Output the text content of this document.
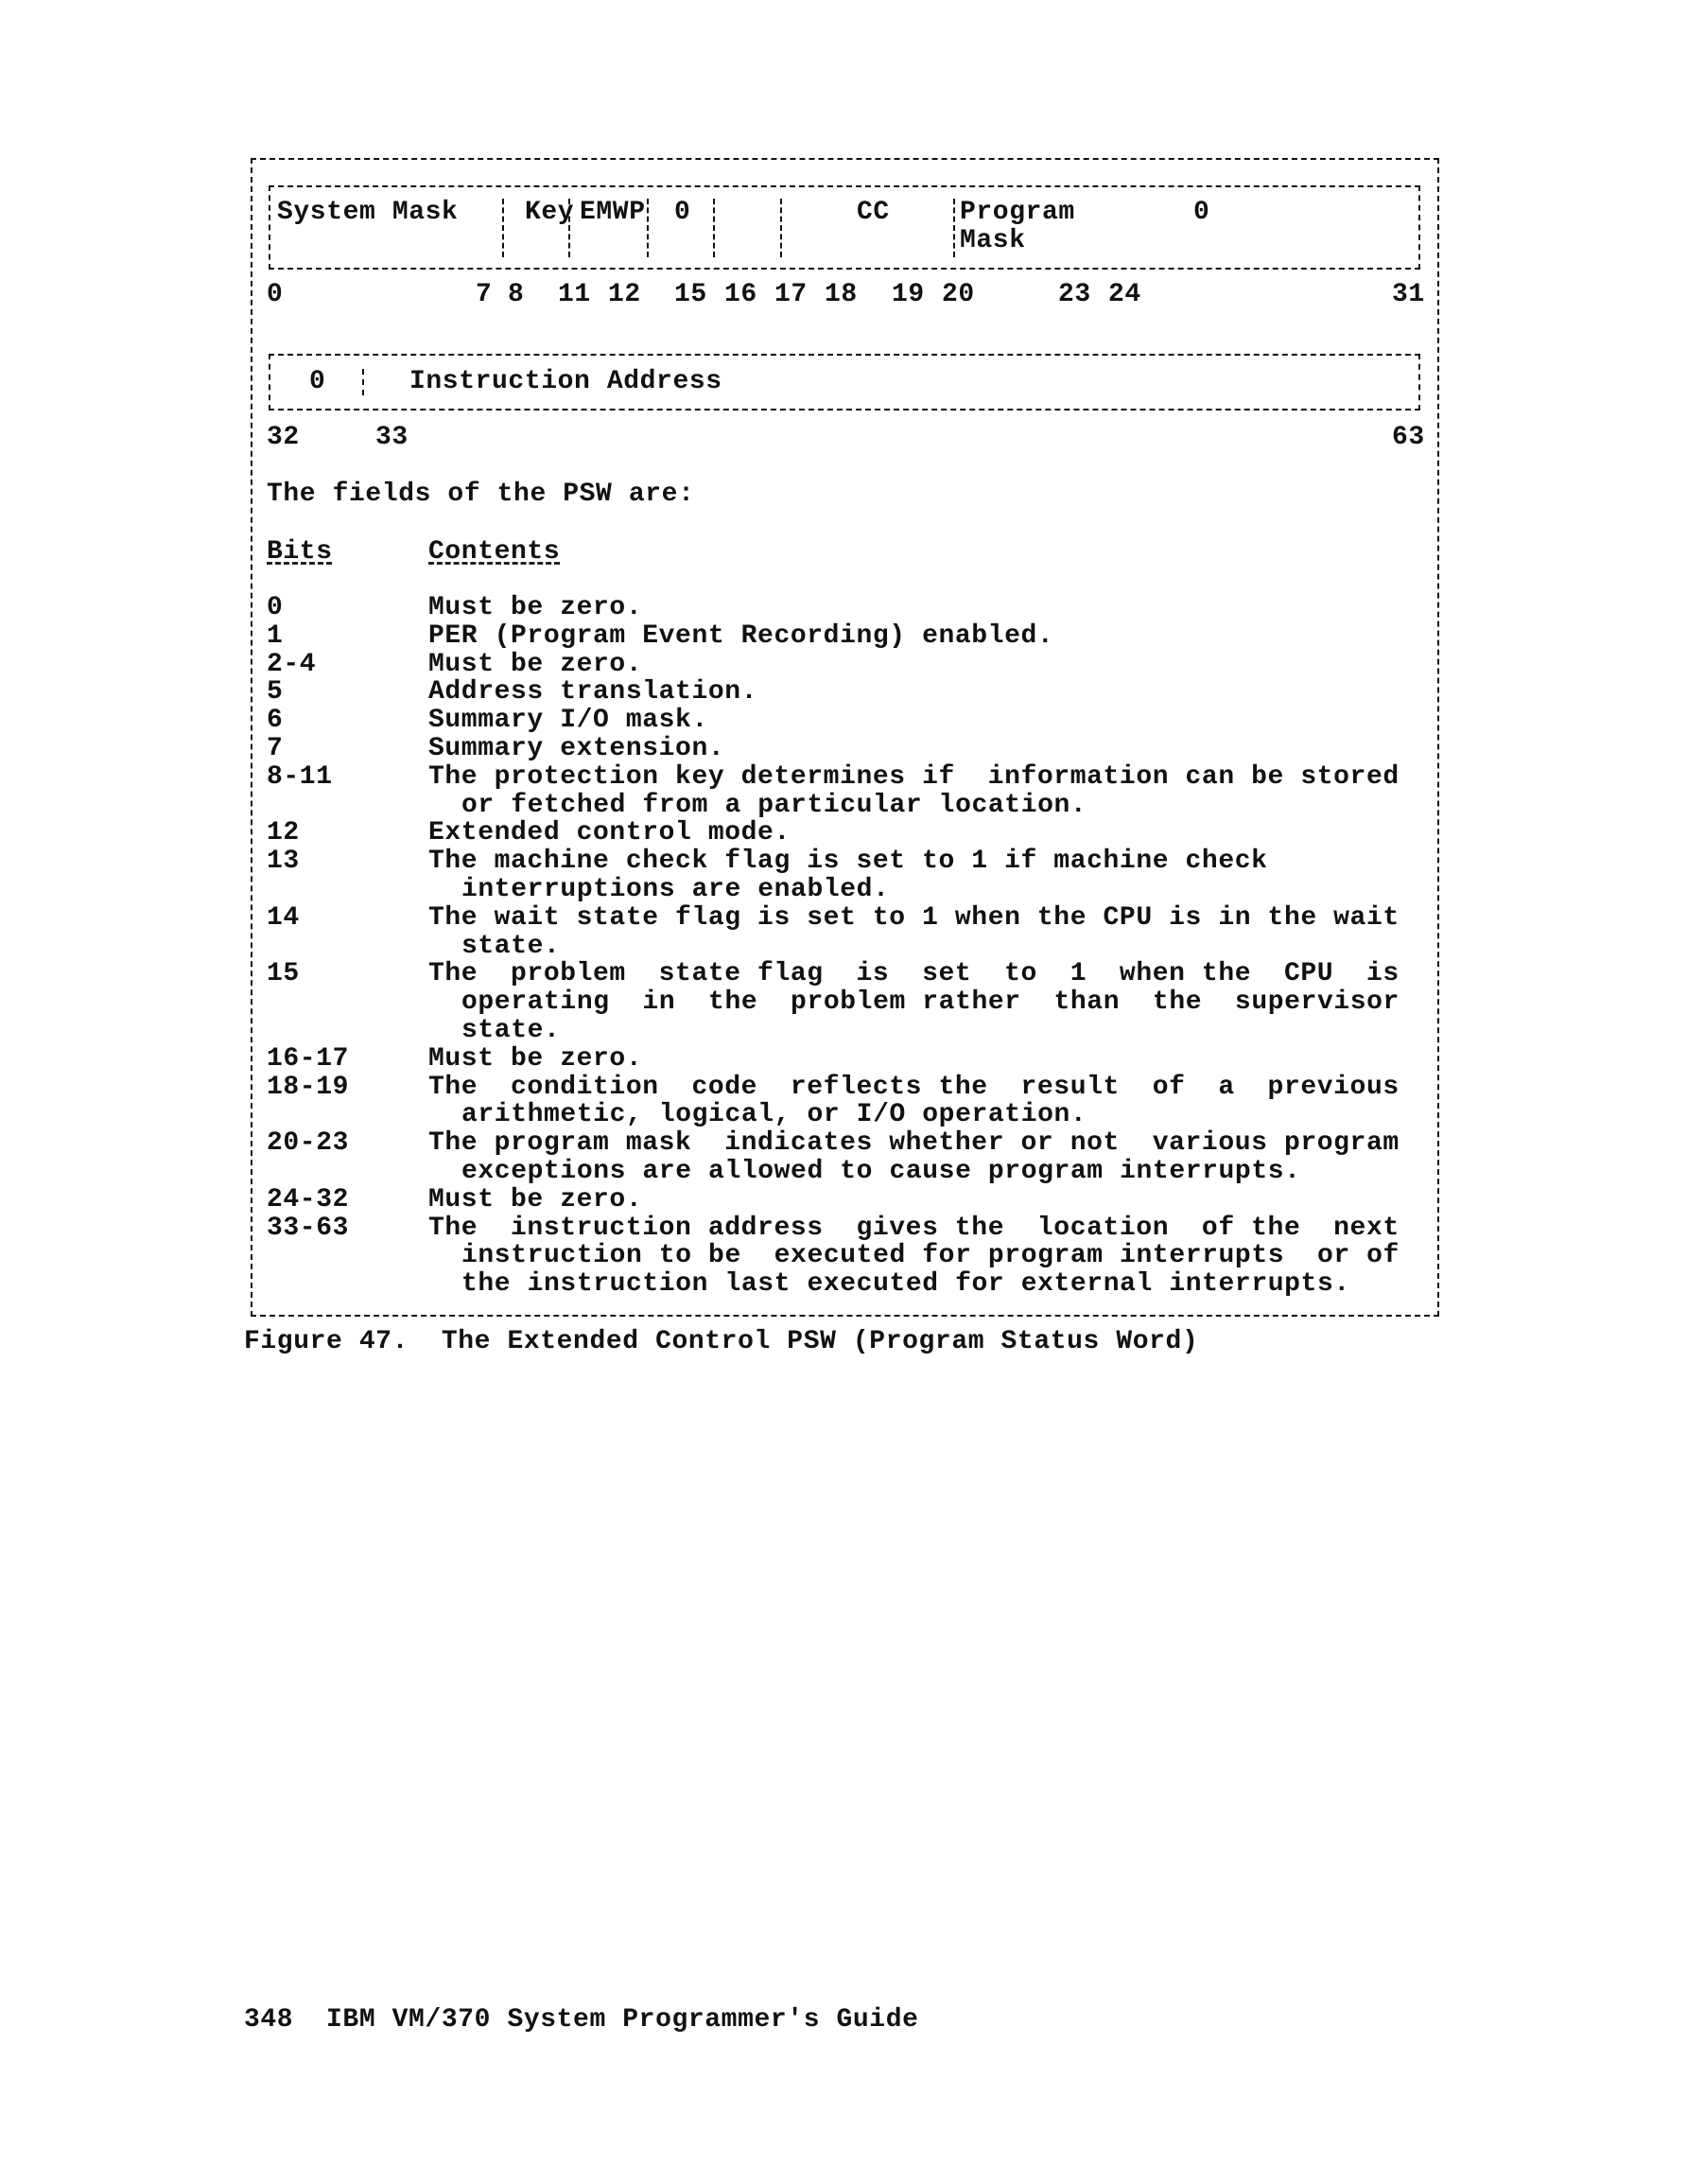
System Mask	Key EMWP 0	CC	Program
Mask
0
0	7 8 11 12 15 16 17 18 19 20	23 24	31
0	Instruction Address
32	33	63
The fields of the PSW are:
Bits	Contents
0	Must be zero.
1	PER (Program Event Recording) enabled.
2-4	Must be zero.
5	Address translation.
6	Summary I/O mask.
7	Summary extension.
8-11	The protection key determines if  information can be stored
or fetched from a particular location.
12	Extended control mode.
13	The machine check flag is set to 1 if machine check
interruptions are enabled.
14	The wait state flag is set to 1 when the CPU is in the wait
state.
15	The  problem  state flag  is  set  to  1  when the  CPU  is
operating  in  the  problem rather  than  the  supervisor
state.
16-17	Must be zero.
18-19	The  condition  code  reflects the  result  of  a  previous
arithmetic, logical, or I/O operation.
20-23	The program mask  indicates whether or not  various program
exceptions are allowed to cause program interrupts.
24-32	Must be zero.
33-63	The  instruction address  gives the  location  of the  next
instruction to be  executed for program interrupts  or of
the instruction last executed for external interrupts.
Figure 47.  The Extended Control PSW (Program Status Word)
348  IBM VM/370 System Programmer's Guide
